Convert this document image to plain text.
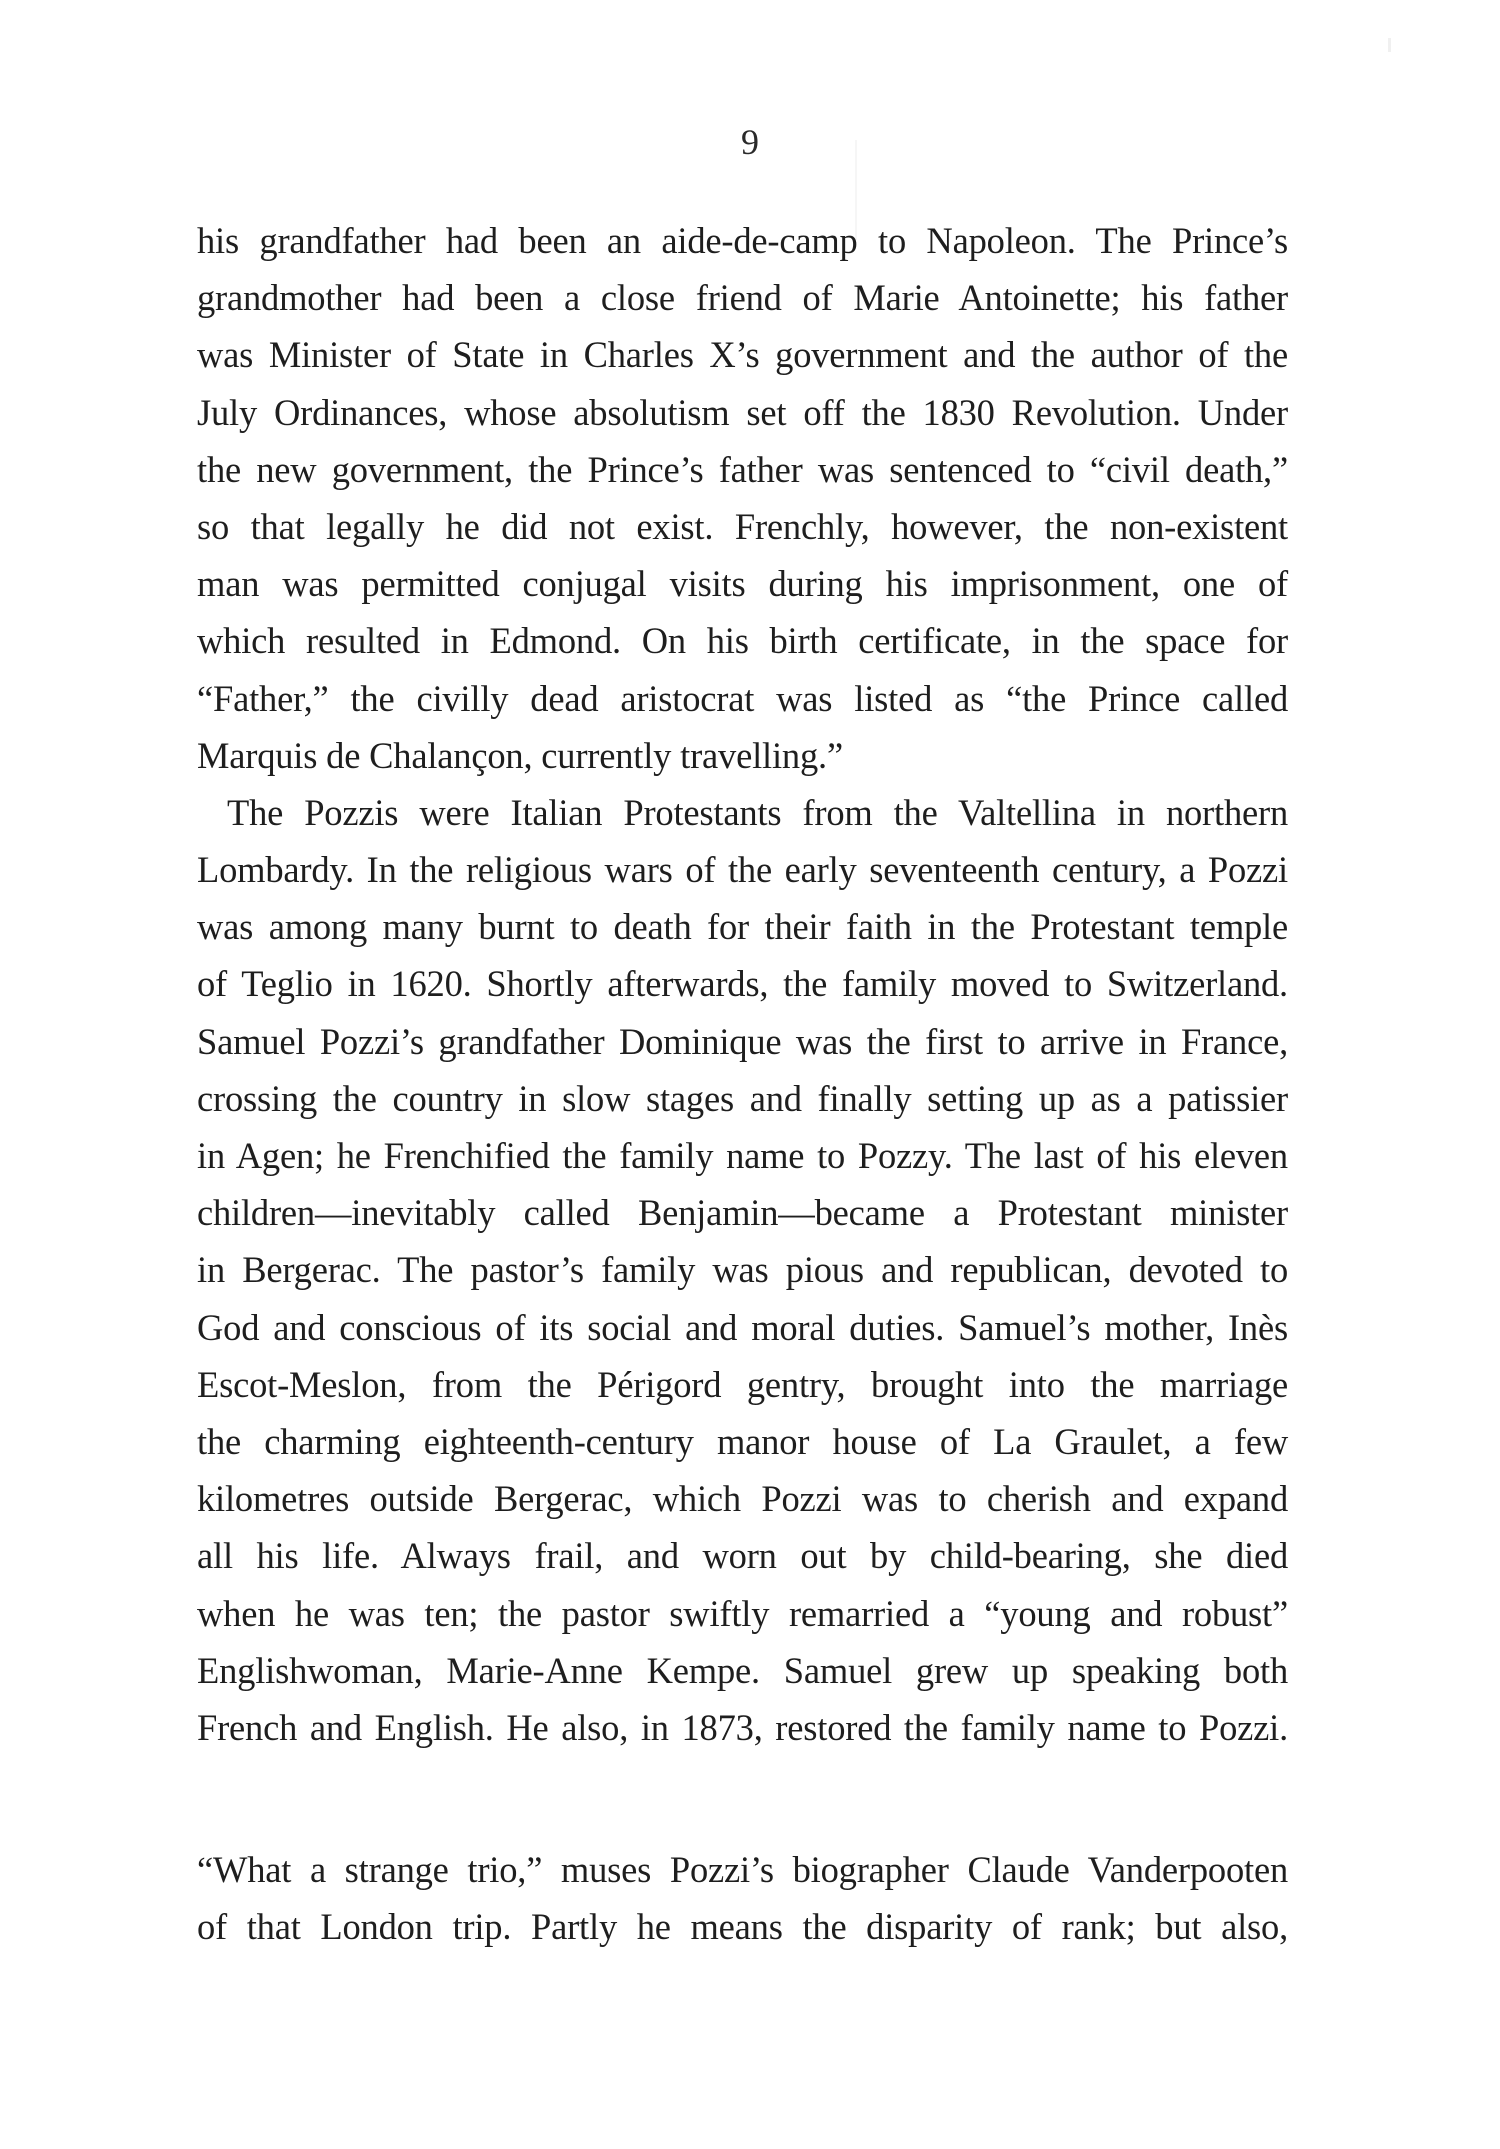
9
his grandfather had been an aide-de-camp to Napoleon. The Prince’s
grandmother had been a close friend of Marie Antoinette; his father
was Minister of State in Charles X’s government and the author of the
July Ordinances, whose absolutism set off the 1830 Revolution. Under
the new government, the Prince’s father was sentenced to “civil death,”
so that legally he did not exist. Frenchly, however, the non-existent
man was permitted conjugal visits during his imprisonment, one of
which resulted in Edmond. On his birth certificate, in the space for
“Father,” the civilly dead aristocrat was listed as “the Prince called
Marquis de Chalançon, currently travelling.”
The Pozzis were Italian Protestants from the Valtellina in northern
Lombardy. In the religious wars of the early seventeenth century, a Pozzi
was among many burnt to death for their faith in the Protestant temple
of Teglio in 1620. Shortly afterwards, the family moved to Switzerland.
Samuel Pozzi’s grandfather Dominique was the first to arrive in France,
crossing the country in slow stages and finally setting up as a patissier
in Agen; he Frenchified the family name to Pozzy. The last of his eleven
children—inevitably called Benjamin—became a Protestant minister
in Bergerac. The pastor’s family was pious and republican, devoted to
God and conscious of its social and moral duties. Samuel’s mother, Inès
Escot-Meslon, from the Périgord gentry, brought into the marriage
the charming eighteenth-century manor house of La Graulet, a few
kilometres outside Bergerac, which Pozzi was to cherish and expand
all his life. Always frail, and worn out by child-bearing, she died
when he was ten; the pastor swiftly remarried a “young and robust”
Englishwoman, Marie-Anne Kempe. Samuel grew up speaking both
French and English. He also, in 1873, restored the family name to Pozzi.
“What a strange trio,” muses Pozzi’s biographer Claude Vanderpooten
of that London trip. Partly he means the disparity of rank; but also,
